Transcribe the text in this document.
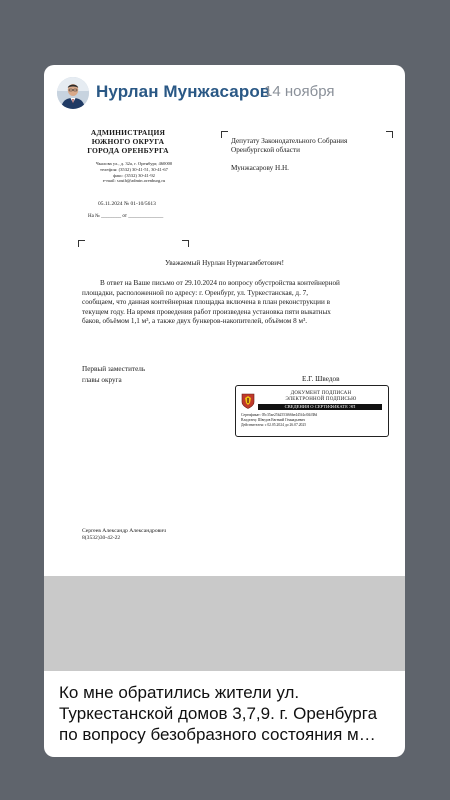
Нурлан Мунжасаров
14 ноября
АДМИНИСТРАЦИЯ
ЮЖНОГО ОКРУГА
ГОРОДА ОРЕНБУРГА
Чкалова ул., д. 32а, г. Оренбург, 460000
телефон: (3532) 30-41-51, 30-41-67
факс: (3532) 30-41-92
e-mail: south@admin.orenburg.ru
05.11.2024 № 01-10/5613
На № ________ от ______________
Депутату Законодательного Собрания
Оренбургской области
Мунжасарову Н.Н.
Уважаемый Нурлан Нурмагамбетович!
В ответ на Ваше письмо от 29.10.2024 по вопросу обустройства контейнерной
площадки, расположенной по адресу: г. Оренбург, ул. Туркестанская, д. 7,
сообщаем, что данная контейнерная площадка включена в план реконструкции в
текущем году. На время проведения работ произведена установка пяти выкатных
баков, объёмом 1,1 м³, а также двух бункеров-накопителей, объёмом 8 м³.
Первый заместитель
главы округа	Е.Г. Шведов
ДОКУМЕНТ ПОДПИСАН
ЭЛЕКТРОННОЙ ПОДПИСЬЮ
СВЕДЕНИЯ О СЕРТИФИКАТЕ ЭП
Сертификат: 05c35ae25b2553f66be445f4cf04f38d
Владелец: Шведов Евгений Геннадьевич
Действителен: с 02.05.2024 до 26.07.2025
Сергеев Александр Александрович
8(3532)30-42-22
Ко мне обратились жители ул.
Туркестанской домов 3,7,9. г. Оренбурга
по вопросу безобразного состояния м…
